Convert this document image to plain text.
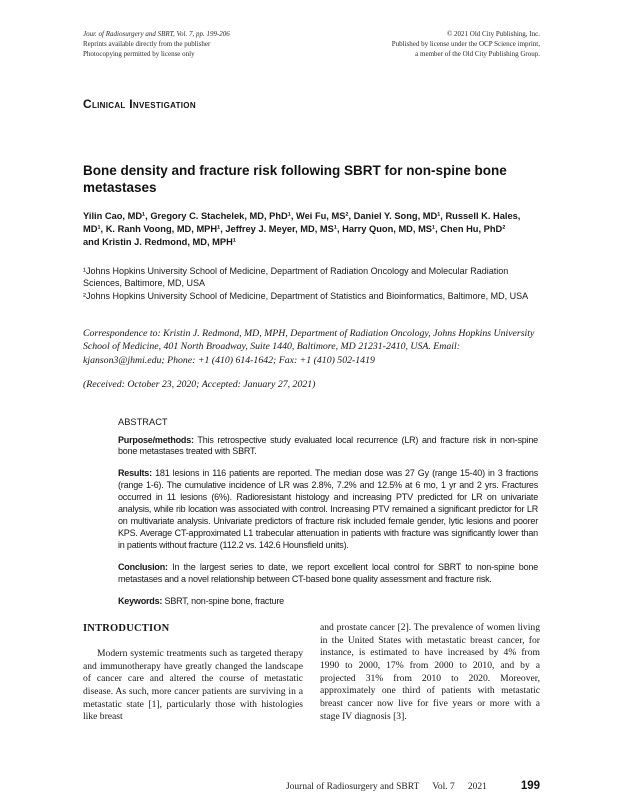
Jour. of Radiosurgery and SBRT, Vol. 7, pp. 199-206
Reprints available directly from the publisher
Photocopying permitted by license only
© 2021 Old City Publishing, Inc.
Published by license under the OCP Science imprint,
a member of the Old City Publishing Group.
Clinical Investigation
Bone density and fracture risk following SBRT for non-spine bone metastases
Yilin Cao, MD¹, Gregory C. Stachelek, MD, PhD¹, Wei Fu, MS², Daniel Y. Song, MD¹, Russell K. Hales, MD¹, K. Ranh Voong, MD, MPH¹, Jeffrey J. Meyer, MD, MS¹, Harry Quon, MD, MS¹, Chen Hu, PhD² and Kristin J. Redmond, MD, MPH¹
¹Johns Hopkins University School of Medicine, Department of Radiation Oncology and Molecular Radiation Sciences, Baltimore, MD, USA
²Johns Hopkins University School of Medicine, Department of Statistics and Bioinformatics, Baltimore, MD, USA
Correspondence to: Kristin J. Redmond, MD, MPH, Department of Radiation Oncology, Johns Hopkins University School of Medicine, 401 North Broadway, Suite 1440, Baltimore, MD 21231-2410, USA. Email: kjanson3@jhmi.edu; Phone: +1 (410) 614-1642; Fax: +1 (410) 502-1419
(Received: October 23, 2020; Accepted: January 27, 2021)
ABSTRACT

Purpose/methods: This retrospective study evaluated local recurrence (LR) and fracture risk in non-spine bone metastases treated with SBRT.

Results: 181 lesions in 116 patients are reported. The median dose was 27 Gy (range 15-40) in 3 fractions (range 1-6). The cumulative incidence of LR was 2.8%, 7.2% and 12.5% at 6 mo, 1 yr and 2 yrs. Fractures occurred in 11 lesions (6%). Radioresistant histology and increasing PTV predicted for LR on univariate analysis, while rib location was associated with control. Increasing PTV remained a significant predictor for LR on multivariate analysis. Univariate predictors of fracture risk included female gender, lytic lesions and poorer KPS. Average CT-approximated L1 trabecular attenuation in patients with fracture was significantly lower than in patients without fracture (112.2 vs. 142.6 Hounsfield units).

Conclusion: In the largest series to date, we report excellent local control for SBRT to non-spine bone metastases and a novel relationship between CT-based bone quality assessment and fracture risk.

Keywords: SBRT, non-spine bone, fracture

INTRODUCTION

Modern systemic treatments such as targeted therapy and immunotherapy have greatly changed the landscape of cancer care and altered the course of metastatic disease. As such, more cancer patients are surviving in a metastatic state [1], particularly those with histologies like breast

and prostate cancer [2]. The prevalence of women living in the United States with metastatic breast cancer, for instance, is estimated to have increased by 4% from 1990 to 2000, 17% from 2000 to 2010, and by a projected 31% from 2010 to 2020. Moreover, approximately one third of patients with metastatic breast cancer now live for five years or more with a stage IV diagnosis [3].

Journal of Radiosurgery and SBRT Vol. 7 2021	199
